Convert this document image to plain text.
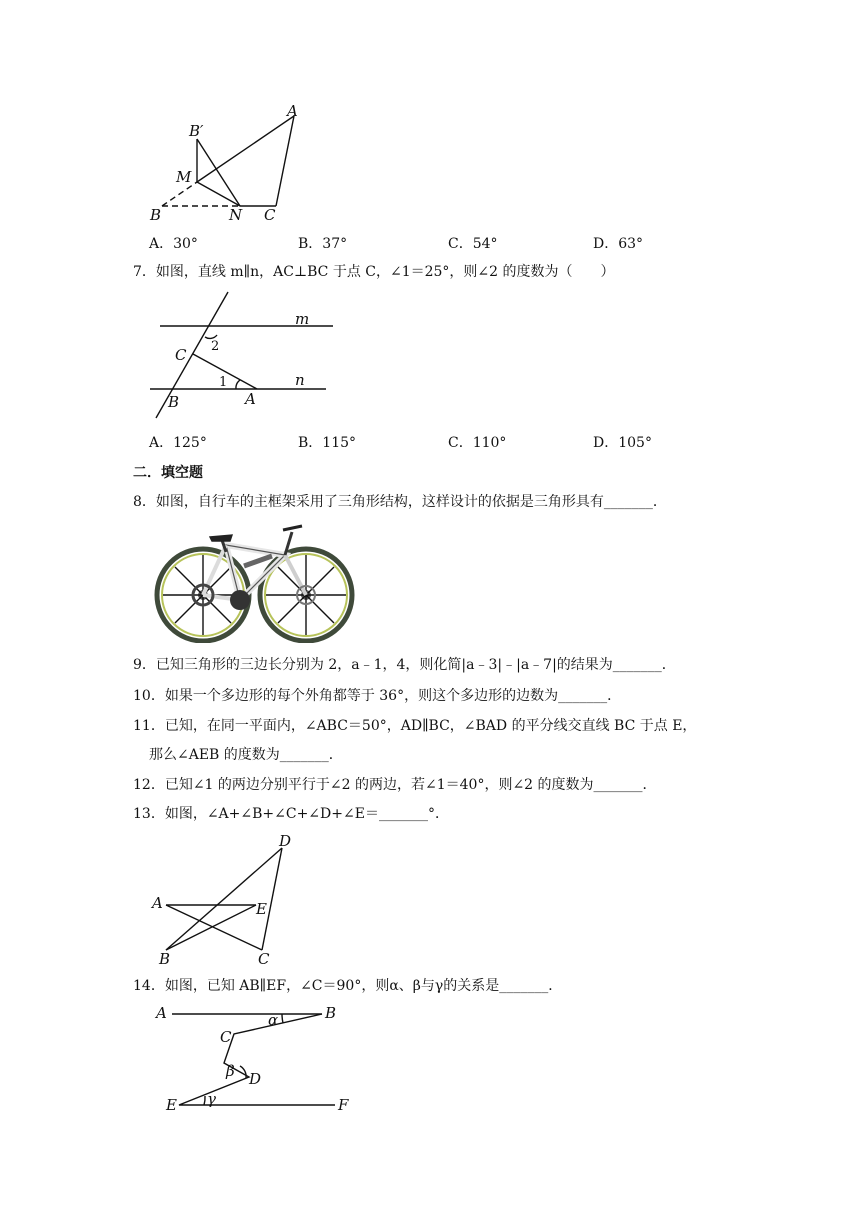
A
B′
M
B	N C
A．30°	B．37°	C．54°	D．63°
7．如图，直线 m∥n，AC⊥BC 于点 C，∠1＝25°，则∠2 的度数为（　　）
m
n
2
1
C
B	A
A．125°	B．115°	C．110°	D．105°
二．填空题
8．如图，自行车的主框架采用了三角形结构，这样设计的依据是三角形具有_______．
9．已知三角形的三边长分别为 2，a﹣1，4，则化简|a﹣3|﹣|a﹣7|的结果为_______．
10．如果一个多边形的每个外角都等于 36°，则这个多边形的边数为_______．
11．已知，在同一平面内，∠ABC＝50°，AD∥BC，∠BAD 的平分线交直线 BC 于点 E，
那么∠AEB 的度数为_______．
12．已知∠1 的两边分别平行于∠2 的两边，若∠1＝40°，则∠2 的度数为_______．
13．如图，∠A+∠B+∠C+∠D+∠E＝_______°．
D
A	E
B	C
14．如图，已知 AB∥EF，∠C＝90°，则α、β与γ的关系是_______．
A	B
α
C
β D
E γ	F
